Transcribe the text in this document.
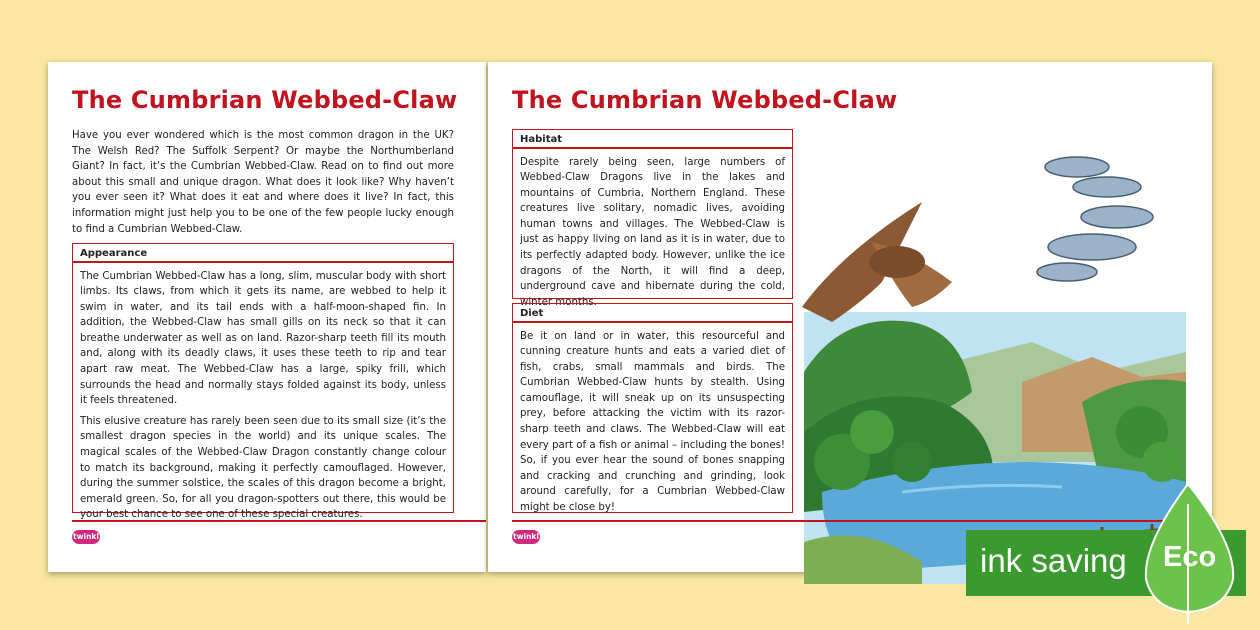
The Cumbrian Webbed-Claw

Have you ever wondered which is the most common dragon in the UK? The Welsh Red? The Suffolk Serpent? Or maybe the Northumberland Giant? In fact, it’s the Cumbrian Webbed-Claw. Read on to find out more about this small and unique dragon. What does it look like? Why haven’t you ever seen it? What does it eat and where does it live? In fact, this information might just help you to be one of the few people lucky enough to find a Cumbrian Webbed-Claw.

Appearance

The Cumbrian Webbed-Claw has a long, slim, muscular body with short limbs. Its claws, from which it gets its name, are webbed to help it swim in water, and its tail ends with a half-moon-shaped fin. In addition, the Webbed-Claw has small gills on its neck so that it can breathe underwater as well as on land. Razor-sharp teeth fill its mouth and, along with its deadly claws, it uses these teeth to rip and tear apart raw meat. The Webbed-Claw has a large, spiky frill, which surrounds the head and normally stays folded against its body, unless it feels threatened.

This elusive creature has rarely been seen due to its small size (it’s the smallest dragon species in the world) and its unique scales. The magical scales of the Webbed-Claw Dragon constantly change colour to match its background, making it perfectly camouflaged. However, during the summer solstice, the scales of this dragon become a bright, emerald green. So, for all you dragon-spotters out there, this would be your best chance to see one of these special creatures.

twinkl
The Cumbrian Webbed-Claw
Habitat

Despite rarely being seen, large numbers of Webbed-Claw Dragons live in the lakes and mountains of Cumbria, Northern England. These creatures live solitary, nomadic lives, avoiding human towns and villages. The Webbed-Claw is just as happy living on land as it is in water, due to its perfectly adapted body. However, unlike the ice dragons of the North, it will find a deep, underground cave and hibernate during the cold, winter months.

Diet

Be it on land or in water, this resourceful and cunning creature hunts and eats a varied diet of fish, crabs, small mammals and birds. The Cumbrian Webbed-Claw hunts by stealth. Using camouflage, it will sneak up on its unsuspecting prey, before attacking the victim with its razor-sharp teeth and claws. The Webbed-Claw will eat every part of a fish or animal – including the bones! So, if you ever hear the sound of bones snapping and cracking and crunching and grinding, look around carefully, for a Cumbrian Webbed-Claw might be close by!

twinkl
ink saving Eco
